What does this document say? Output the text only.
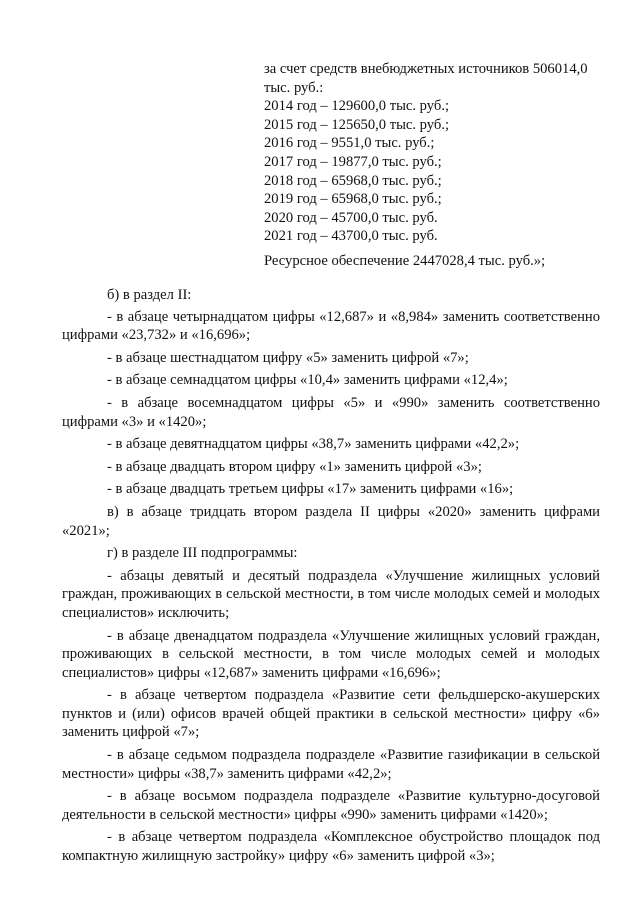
за счет средств внебюджетных источников 506014,0
тыс. руб.:
2014 год – 129600,0 тыс. руб.;
2015 год – 125650,0 тыс. руб.;
2016 год – 9551,0 тыс. руб.;
2017 год – 19877,0 тыс. руб.;
2018 год – 65968,0 тыс. руб.;
2019 год – 65968,0 тыс. руб.;
2020 год – 45700,0 тыс. руб.
2021 год – 43700,0 тыс. руб.
Ресурсное обеспечение 2447028,4 тыс. руб.»;

б) в раздел II:

- в абзаце четырнадцатом цифры «12,687» и «8,984» заменить соответственно цифрами «23,732» и «16,696»;

- в абзаце шестнадцатом цифру «5» заменить цифрой «7»;

- в абзаце семнадцатом цифры «10,4» заменить цифрами «12,4»;

- в абзаце восемнадцатом цифры «5» и «990» заменить соответственно цифрами «3» и «1420»;

- в абзаце девятнадцатом цифры «38,7» заменить цифрами «42,2»;

- в абзаце двадцать втором цифру «1» заменить цифрой «3»;

- в абзаце двадцать третьем цифры «17» заменить цифрами «16»;

в) в абзаце тридцать втором раздела II цифры «2020» заменить цифрами «2021»;

г) в разделе III подпрограммы:

- абзацы девятый и десятый подраздела «Улучшение жилищных условий граждан, проживающих в сельской местности, в том числе молодых семей и молодых специалистов» исключить;

- в абзаце двенадцатом подраздела «Улучшение жилищных условий граждан, проживающих в сельской местности, в том числе молодых семей и молодых специалистов» цифры «12,687» заменить цифрами «16,696»;

- в абзаце четвертом подраздела «Развитие сети фельдшерско-акушерских пунктов и (или) офисов врачей общей практики в сельской местности» цифру «6» заменить цифрой «7»;

- в абзаце седьмом подраздела подразделе «Развитие газификации в сельской местности» цифры «38,7» заменить цифрами «42,2»;

- в абзаце восьмом подраздела подразделе «Развитие культурно-досуговой деятельности в сельской местности» цифры «990» заменить цифрами «1420»;

- в абзаце четвертом подраздела «Комплексное обустройство площадок под компактную жилищную застройку» цифру «6» заменить цифрой «3»;
